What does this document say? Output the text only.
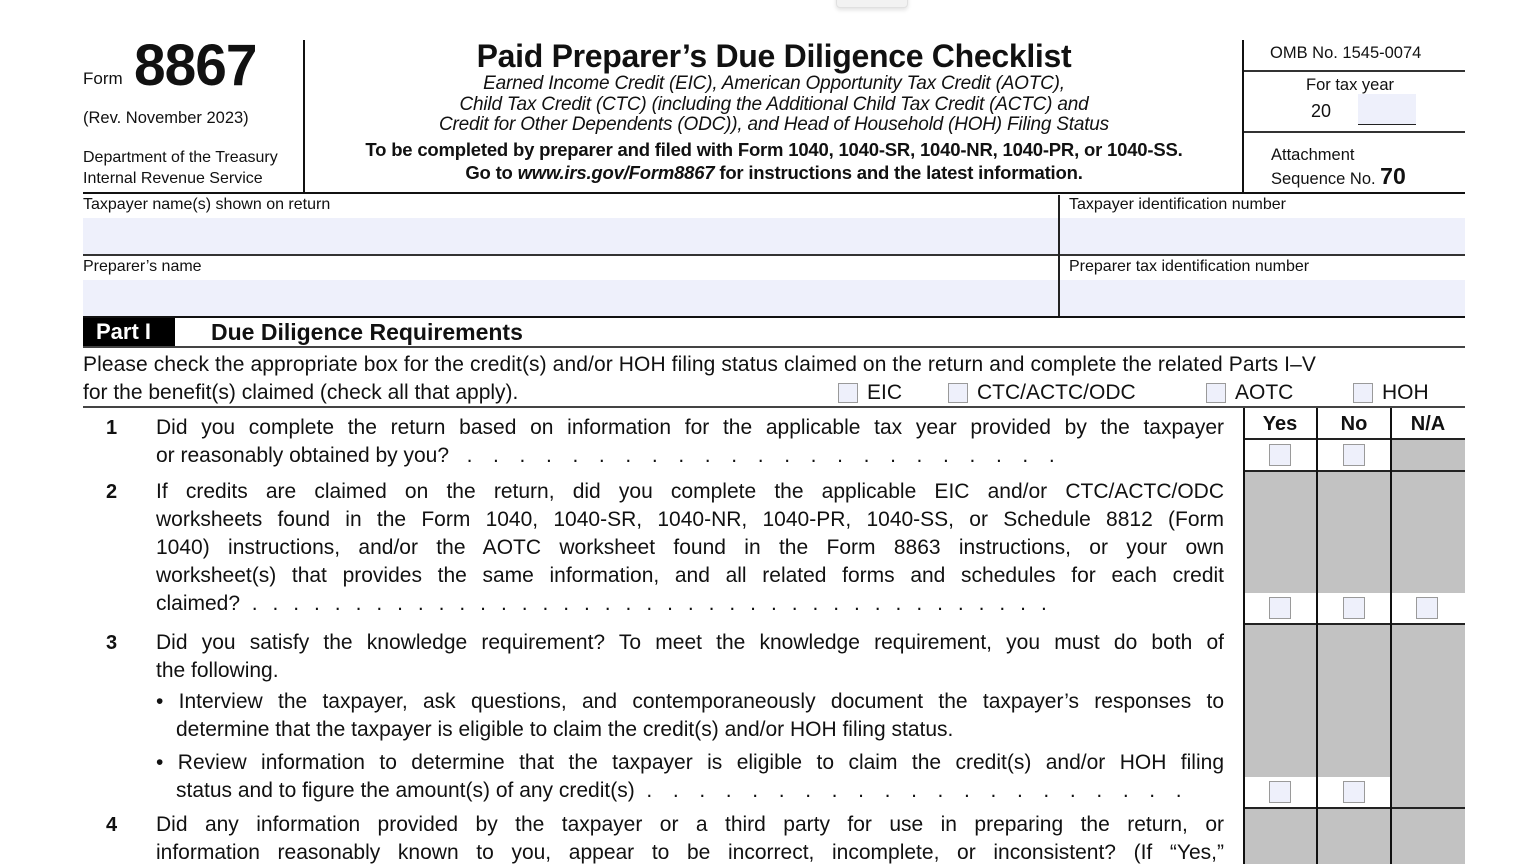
Form 8867
(Rev. November 2023)
Department of the Treasury
Internal Revenue Service
Paid Preparer’s Due Diligence Checklist
Earned Income Credit (EIC), American Opportunity Tax Credit (AOTC),
Child Tax Credit (CTC) (including the Additional Child Tax Credit (ACTC) and
Credit for Other Dependents (ODC)), and Head of Household (HOH) Filing Status
To be completed by preparer and filed with Form 1040, 1040-SR, 1040-NR, 1040-PR, or 1040-SS.
Go to www.irs.gov/Form8867 for instructions and the latest information.
OMB No. 1545-0074
For tax year
20
Attachment
Sequence No. 70
Taxpayer name(s) shown on return	Taxpayer identification number
Preparer’s name	Preparer tax identification number
Part I	Due Diligence Requirements
Please check the appropriate box for the credit(s) and/or HOH filing status claimed on the return and complete the related Parts I–V
for the benefit(s) claimed (check all that apply).	EIC	CTC/ACTC/ODC	AOTC	HOH
Yes	No	N/A
1 Did you complete the return based on information for the applicable tax year provided by the taxpayer
or reasonably obtained by you? . . . . . . . . . . . . . . . . . . . . . . .
2 If credits are claimed on the return, did you complete the applicable EIC and/or CTC/ACTC/ODC
worksheets found in the Form 1040, 1040-SR, 1040-NR, 1040-PR, 1040-SS, or Schedule 8812 (Form
1040) instructions, and/or the AOTC worksheet found in the Form 8863 instructions, or your own
worksheet(s) that provides the same information, and all related forms and schedules for each credit
claimed? . . . . . . . . . . . . . . . . . . . . . . . . . . . . . . . . . . . . . . .
3 Did you satisfy the knowledge requirement? To meet the knowledge requirement, you must do both of
the following.
• Interview the taxpayer, ask questions, and contemporaneously document the taxpayer’s responses to
determine that the taxpayer is eligible to claim the credit(s) and/or HOH filing status.
• Review information to determine that the taxpayer is eligible to claim the credit(s) and/or HOH filing
status and to figure the amount(s) of any credit(s) . . . . . . . . . . . . . . . . . . . . .
4 Did any information provided by the taxpayer or a third party for use in preparing the return, or
information reasonably known to you, appear to be incorrect, incomplete, or inconsistent? (If “Yes,”
